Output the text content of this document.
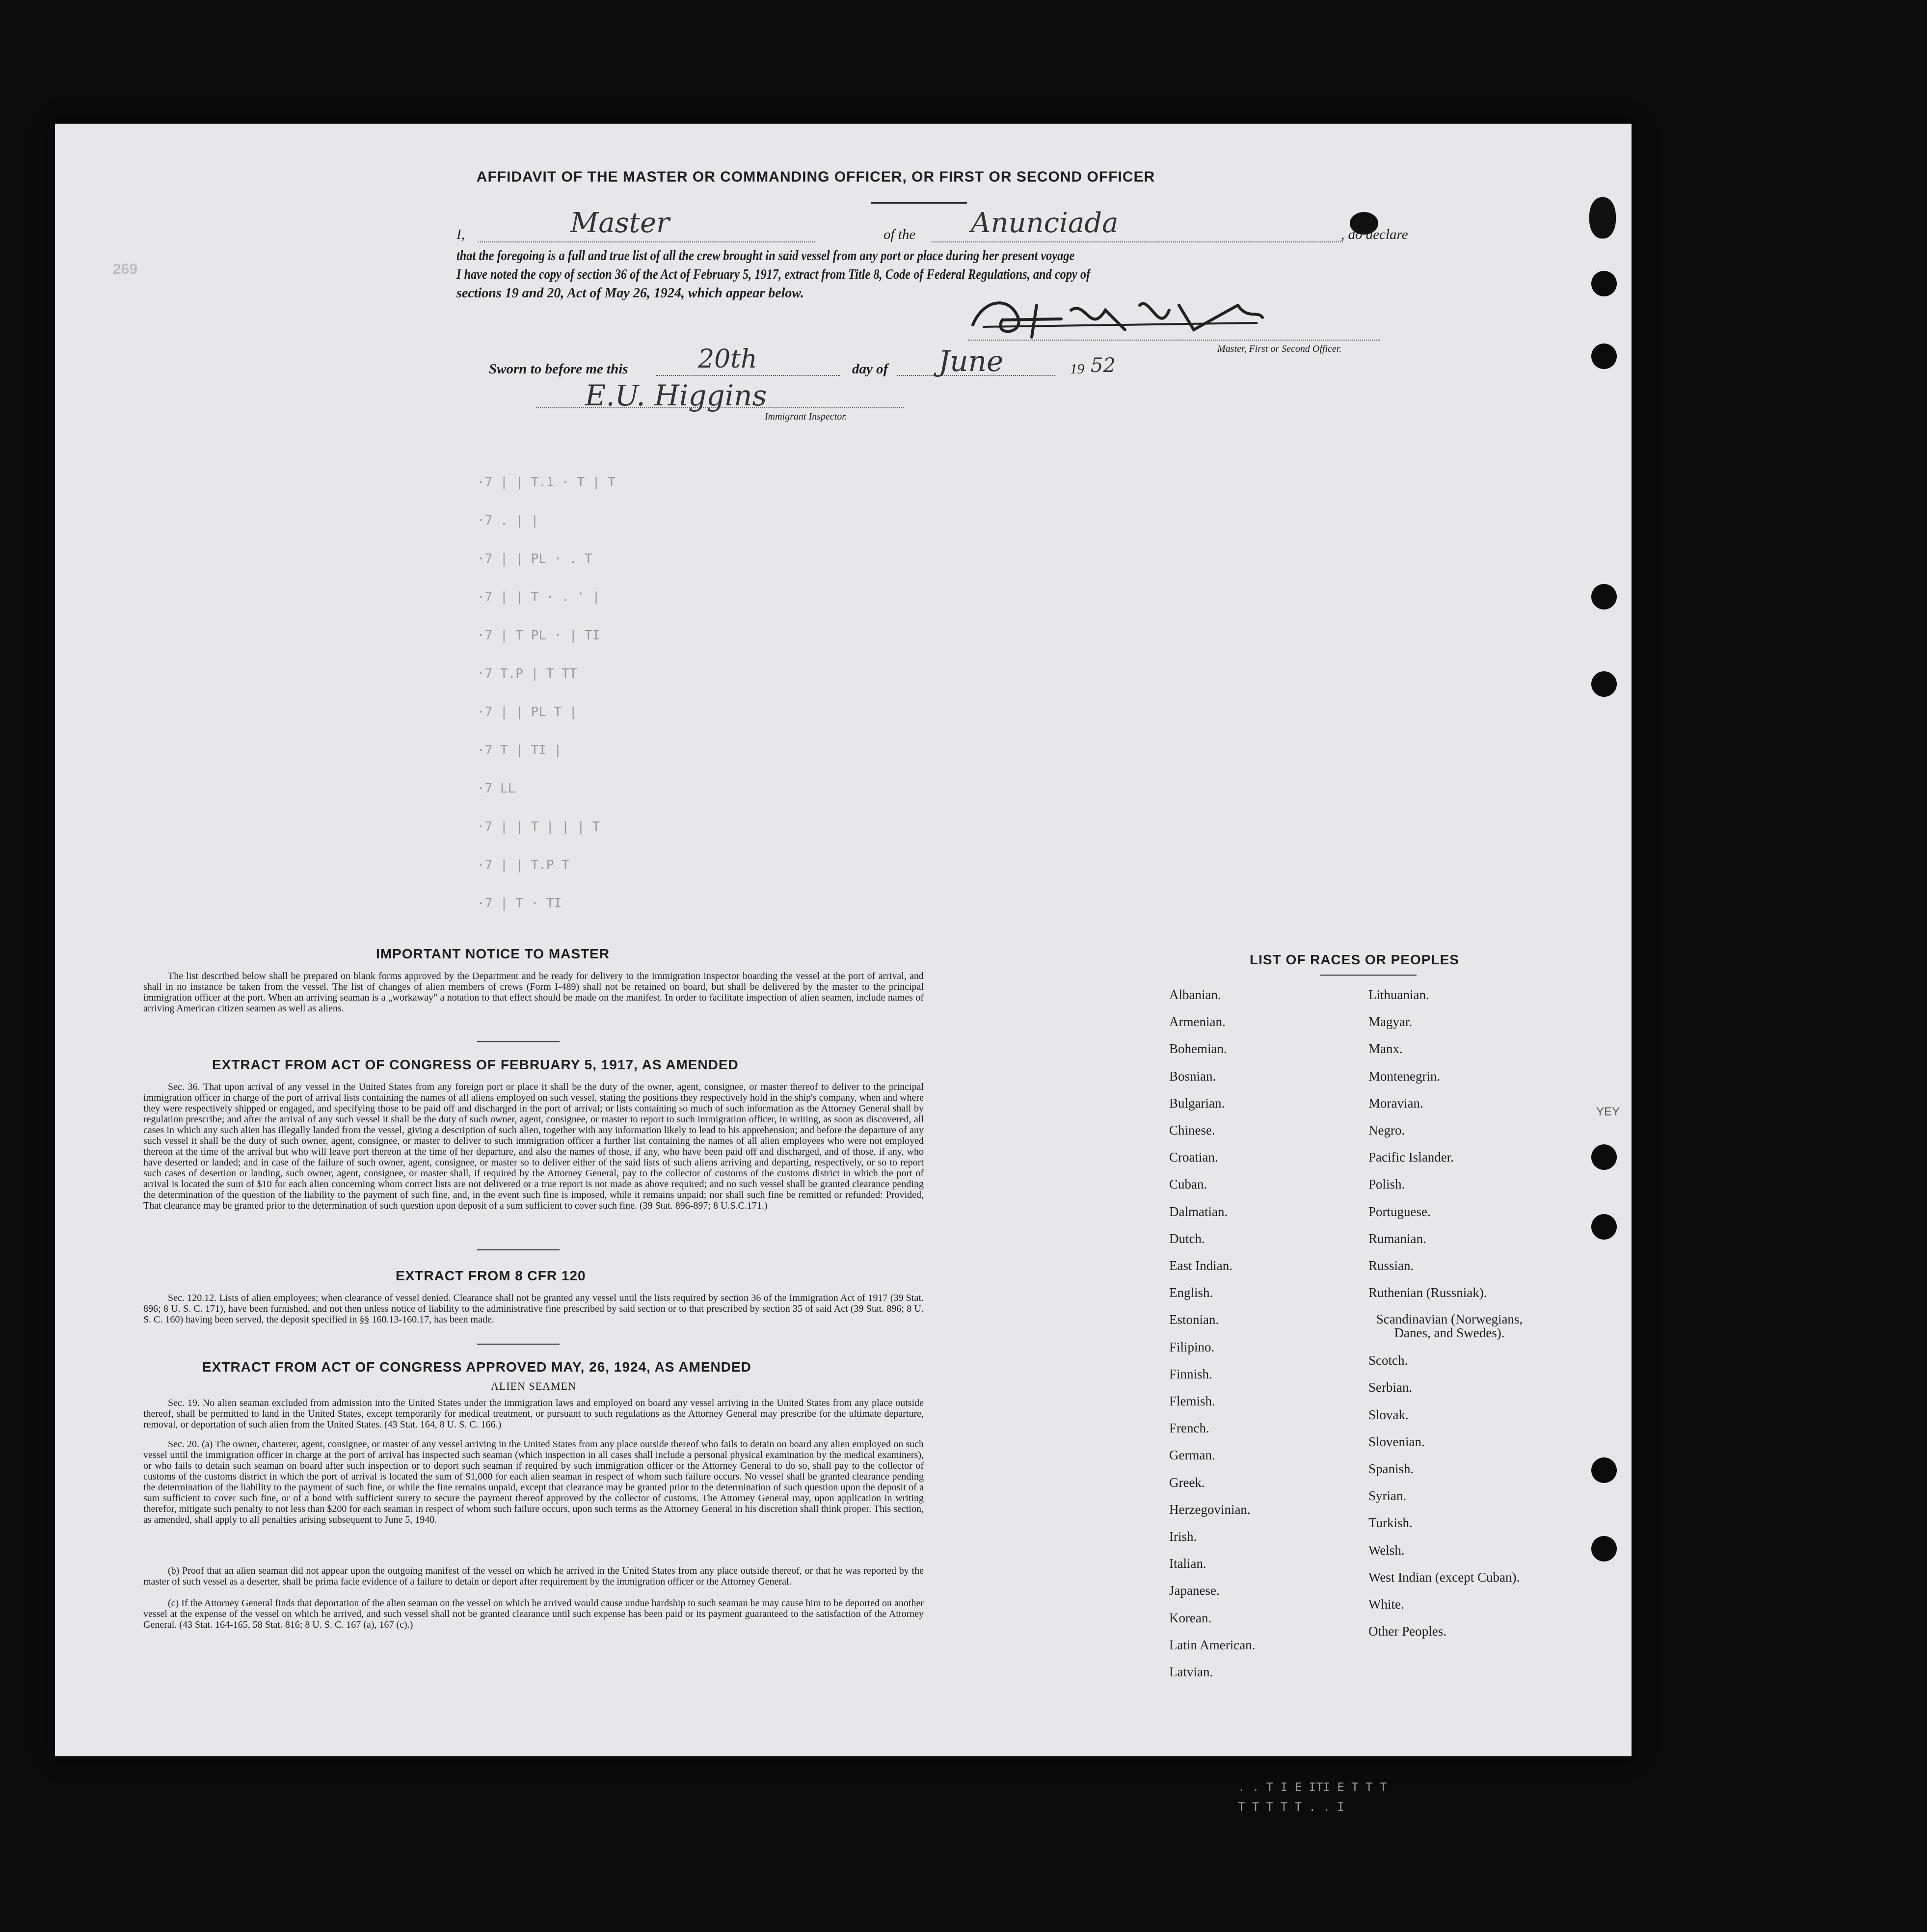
269
YEY
AFFIDAVIT OF THE MASTER OR COMMANDING OFFICER, OR FIRST OR SECOND OFFICER
I,	Master	of the Anunciada	, do declare
that the foregoing is a full and true list of all the crew brought in said vessel from any port or place during her present voyage
I have noted the copy of section 36 of the Act of February 5, 1917, extract from Title 8, Code of Federal Regulations, and copy of
sections 19 and 20, Act of May 26, 1924, which appear below.
Master, First or Second Officer.
Sworn to before me this	20th	day of June	19 52
E.U. Higgins
Immigrant Inspector.
·7 | | T.1 · T | T
·7 . | |
·7 | | PL · . T
·7 | | T · . ' |
·7 | T PL · | TI
·7 T.P | T TT
·7 | | PL T |
·7 T | TI |
·7 LL
·7 | | T | | | T
·7 | | T.P T
·7 | T · TI
IMPORTANT NOTICE TO MASTER
The list described below shall be prepared on blank forms approved by the Department and be ready for delivery to the immigration inspector boarding the vessel at the port of arrival, and shall in no instance be taken from the vessel. The list of changes of alien members of crews (Form I-489) shall not be retained on board, but shall be delivered by the master to the principal immigration officer at the port. When an arriving seaman is a „workaway" a notation to that effect should be made on the manifest. In order to facilitate inspection of alien seamen, include names of arriving American citizen seamen as well as aliens.
EXTRACT FROM ACT OF CONGRESS OF FEBRUARY 5, 1917, AS AMENDED
Sec. 36. That upon arrival of any vessel in the United States from any foreign port or place it shall be the duty of the owner, agent, consignee, or master thereof to deliver to the principal immigration officer in charge of the port of arrival lists containing the names of all aliens employed on such vessel, stating the positions they respectively hold in the ship's company, when and where they were respectively shipped or engaged, and specifying those to be paid off and discharged in the port of arrival; or lists containing so much of such information as the Attorney General shall by regulation prescribe; and after the arrival of any such vessel it shall be the duty of such owner, agent, consignee, or master to report to such immigration officer, in writing, as soon as discovered, all cases in which any such alien has illegally landed from the vessel, giving a description of such alien, together with any information likely to lead to his apprehension; and before the departure of any such vessel it shall be the duty of such owner, agent, consignee, or master to deliver to such immigration officer a further list containing the names of all alien employees who were not employed thereon at the time of the arrival but who will leave port thereon at the time of her departure, and also the names of those, if any, who have been paid off and discharged, and of those, if any, who have deserted or landed; and in case of the failure of such owner, agent, consignee, or master so to deliver either of the said lists of such aliens arriving and departing, respectively, or so to report such cases of desertion or landing, such owner, agent, consignee, or master shall, if required by the Attorney General, pay to the collector of customs of the customs district in which the port of arrival is located the sum of $10 for each alien concerning whom correct lists are not delivered or a true report is not made as above required; and no such vessel shall be granted clearance pending the determination of the question of the liability to the payment of such fine, and, in the event such fine is imposed, while it remains unpaid; nor shall such fine be remitted or refunded: Provided, That clearance may be granted prior to the determination of such question upon deposit of a sum sufficient to cover such fine. (39 Stat. 896-897; 8 U.S.C.171.)
EXTRACT FROM 8 CFR 120
Sec. 120.12. Lists of alien employees; when clearance of vessel denied. Clearance shall not be granted any vessel until the lists required by section 36 of the Immigration Act of 1917 (39 Stat. 896; 8 U. S. C. 171), have been furnished, and not then unless notice of liability to the administrative fine prescribed by said section or to that prescribed by section 35 of said Act (39 Stat. 896; 8 U. S. C. 160) having been served, the deposit specified in §§ 160.13-160.17, has been made.
EXTRACT FROM ACT OF CONGRESS APPROVED MAY, 26, 1924, AS AMENDED
ALIEN SEAMEN
Sec. 19. No alien seaman excluded from admission into the United States under the immigration laws and employed on board any vessel arriving in the United States from any place outside thereof, shall be permitted to land in the United States, except temporarily for medical treatment, or pursuant to such regulations as the Attorney General may prescribe for the ultimate departure, removal, or deportation of such alien from the United States. (43 Stat. 164, 8 U. S. C. 166.)
Sec. 20. (a) The owner, charterer, agent, consignee, or master of any vessel arriving in the United States from any place outside thereof who fails to detain on board any alien employed on such vessel until the immigration officer in charge at the port of arrival has inspected such seaman (which inspection in all cases shall include a personal physical examination by the medical examiners), or who fails to detain such seaman on board after such inspection or to deport such seaman if required by such immigration officer or the Attorney General to do so, shall pay to the collector of customs of the customs district in which the port of arrival is located the sum of $1,000 for each alien seaman in respect of whom such failure occurs. No vessel shall be granted clearance pending the determination of the liability to the payment of such fine, or while the fine remains unpaid, except that clearance may be granted prior to the determination of such question upon the deposit of a sum sufficient to cover such fine, or of a bond with sufficient surety to secure the payment thereof approved by the collector of customs. The Attorney General may, upon application in writing therefor, mitigate such penalty to not less than $200 for each seaman in respect of whom such failure occurs, upon such terms as the Attorney General in his discretion shall think proper. This section, as amended, shall apply to all penalties arising subsequent to June 5, 1940.
(b) Proof that an alien seaman did not appear upon the outgoing manifest of the vessel on which he arrived in the United States from any place outside thereof, or that he was reported by the master of such vessel as a deserter, shall be prima facie evidence of a failure to detain or deport after requirement by the immigration officer or the Attorney General.
(c) If the Attorney General finds that deportation of the alien seaman on the vessel on which he arrived would cause undue hardship to such seaman he may cause him to be deported on another vessel at the expense of the vessel on which he arrived, and such vessel shall not be granted clearance until such expense has been paid or its payment guaranteed to the satisfaction of the Attorney General. (43 Stat. 164-165, 58 Stat. 816; 8 U. S. C. 167 (a), 167 (c).)
LIST OF RACES OR PEOPLES
. . T I E ITI E T T T
T T T T T . . I
Albanian.
Armenian.
Bohemian.
Bosnian.
Bulgarian.
Chinese.
Croatian.
Cuban.
Dalmatian.
Dutch.
East Indian.
English.
Estonian.
Filipino.
Finnish.
Flemish.
French.
German.
Greek.
Herzegovinian.
Irish.
Italian.
Japanese.
Korean.
Latin American.
Latvian.
Lithuanian.
Magyar.
Manx.
Montenegrin.
Moravian.
Negro.
Pacific Islander.
Polish.
Portuguese.
Rumanian.
Russian.
Ruthenian (Russniak).
Scandinavian (Norwegians, Danes, and Swedes).
Scotch.
Serbian.
Slovak.
Slovenian.
Spanish.
Syrian.
Turkish.
Welsh.
West Indian (except Cuban).
White.
Other Peoples.
